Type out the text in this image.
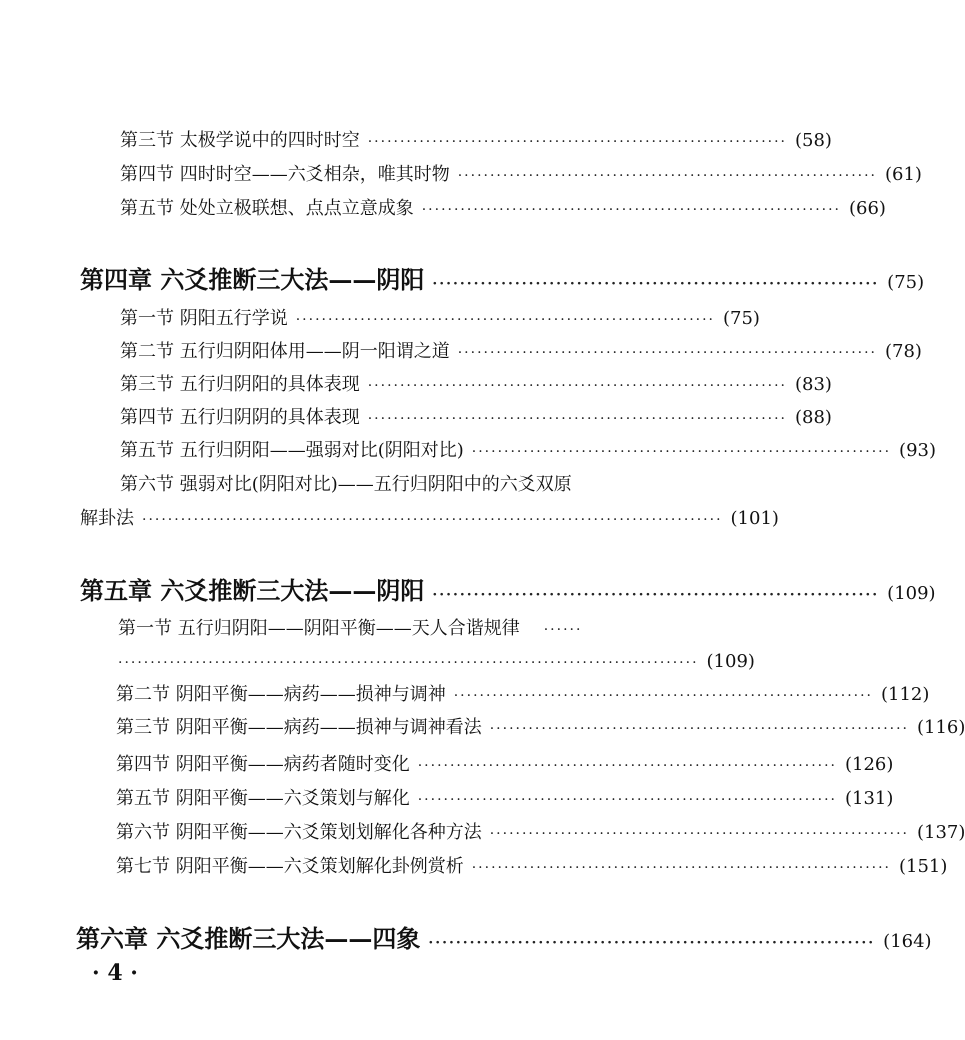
第三节 太极学说中的四时时空 ································································· (58)
第四节 四时时空——六爻相杂，唯其时物 ································································· (61)
第五节 处处立极联想、点点立意成象 ································································· (66)
第四章 六爻推断三大法——阴阳 ································································· (75)
第一节 阴阳五行学说 ································································· (75)
第二节 五行归阴阳体用——阴一阳谓之道 ································································· (78)
第三节 五行归阴阳的具体表现 ································································· (83)
第四节 五行归阴阴的具体表现 ································································· (88)
第五节 五行归阴阳——强弱对比(阴阳对比) ································································· (93)
第六节 强弱对比(阴阳对比)——五行归阴阳中的六爻双原
解卦法 ·························································································· (101)
第五章 六爻推断三大法——阴阳 ································································· (109)
第一节 五行归阴阳——阴阳平衡——天人合谐规律 ······
·························································································· (109)
第二节 阴阳平衡——病药——损神与调神 ································································· (112)
第三节 阴阳平衡——病药——损神与调神看法 ································································· (116)
第四节 阴阳平衡——病药者随时变化 ································································· (126)
第五节 阴阳平衡——六爻策划与解化 ································································· (131)
第六节 阴阳平衡——六爻策划划解化各种方法 ································································· (137)
第七节 阴阳平衡——六爻策划解化卦例赏析 ································································· (151)
第六章 六爻推断三大法——四象 ································································· (164)
· 4 ·
